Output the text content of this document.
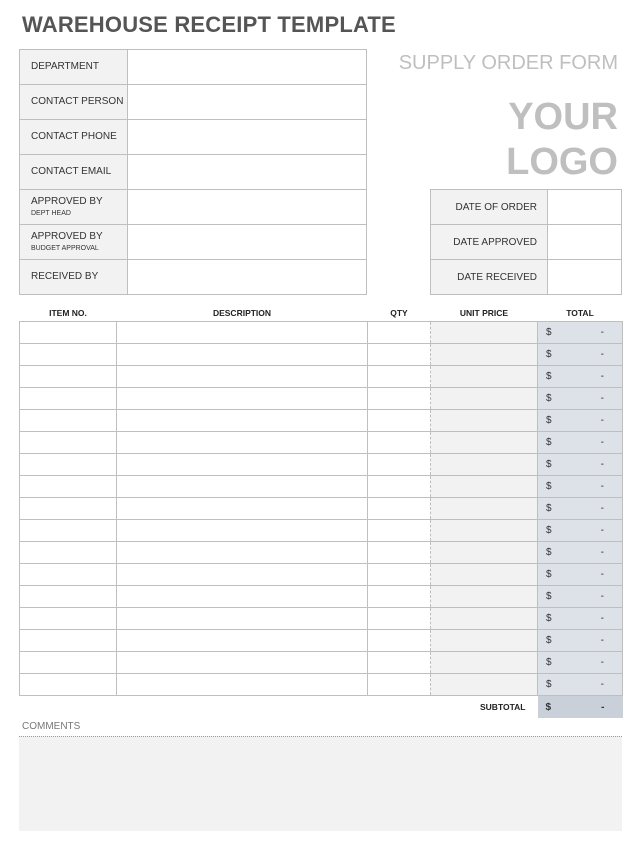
WAREHOUSE RECEIPT TEMPLATE
DEPARTMENT	
CONTACT PERSON	
CONTACT PHONE	
CONTACT EMAIL	
APPROVED BY
DEPT HEAD	

APPROVED BY
BUDGET APPROVAL	

RECEIVED BY	
SUPPLY ORDER FORM
YOUR
LOGO
DATE OF ORDER	
DATE APPROVED	
DATE RECEIVED	
ITEM NO.	DESCRIPTION	QTY	UNIT PRICE	TOTAL

				$ -

				$ -

				$ -

				$ -

				$ -

				$ -

				$ -

				$ -

				$ -

				$ -

				$ -

				$ -

				$ -

				$ -

				$ -

				$ -

				$ -

			SUBTOTAL	$ -
COMMENTS
